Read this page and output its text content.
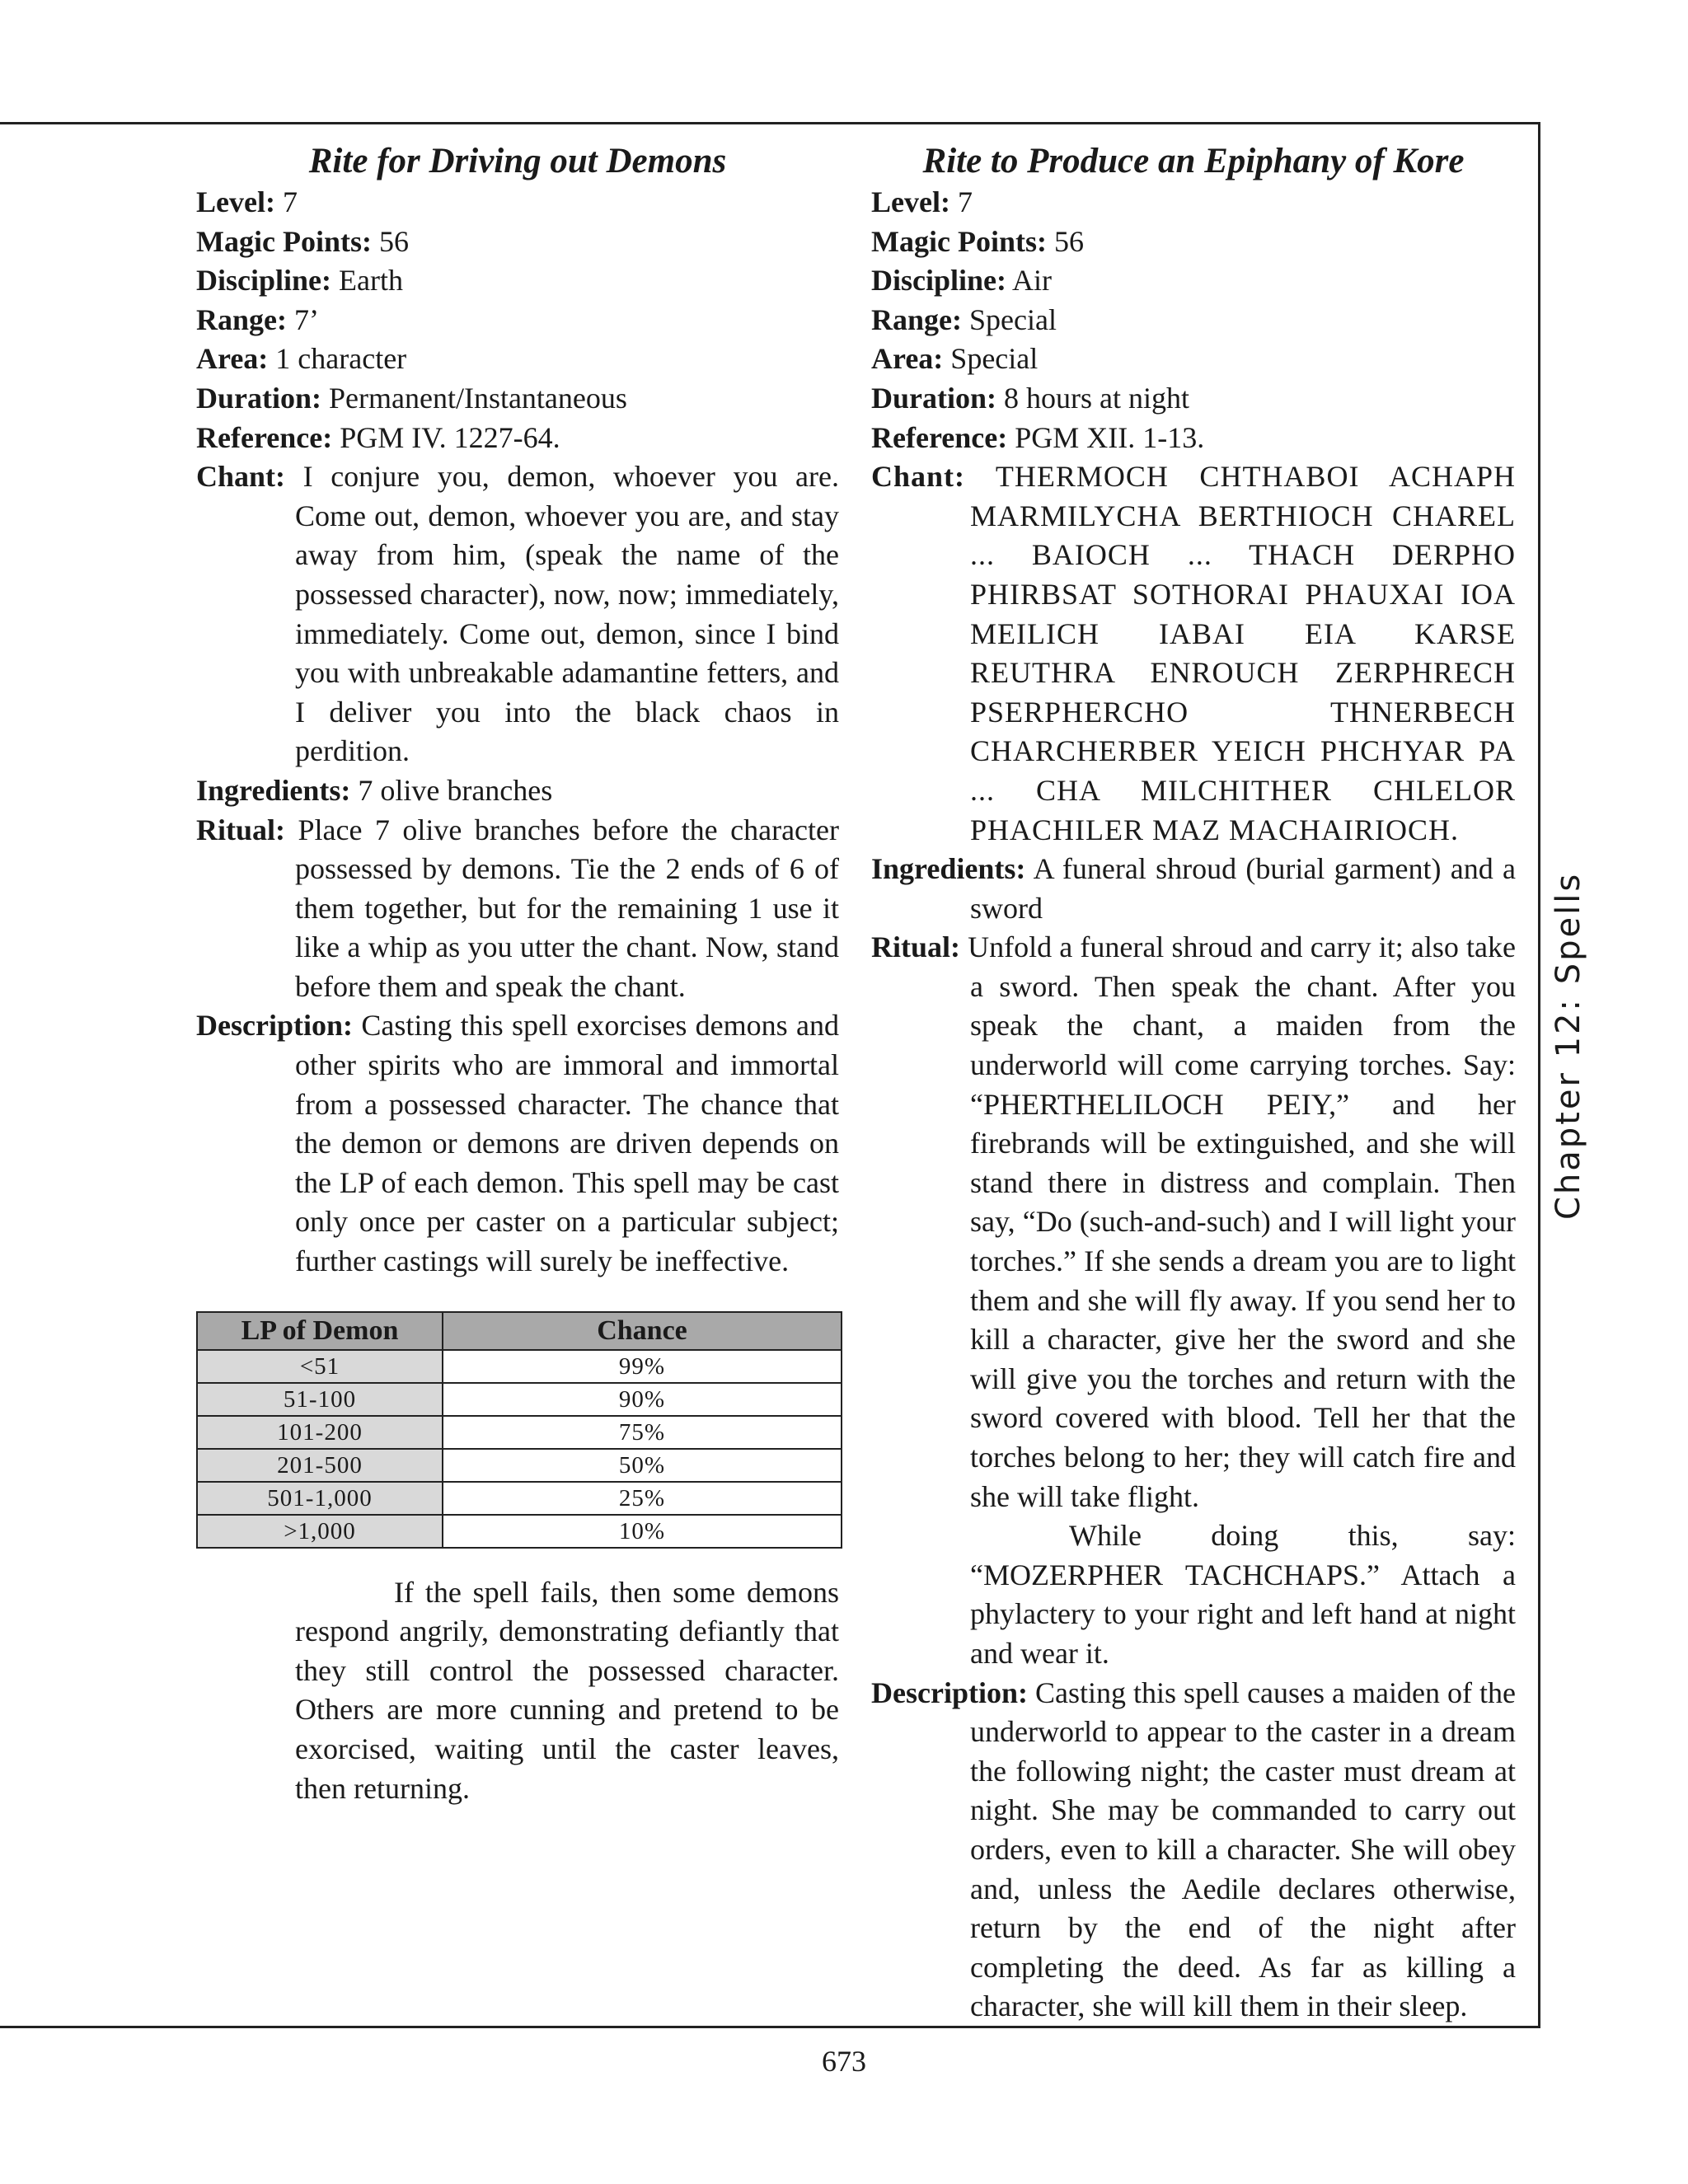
Rite for Driving out Demons
Level: 7
Magic Points: 56
Discipline: Earth
Range: 7’
Area: 1 character
Duration: Permanent/Instantaneous
Reference: PGM IV. 1227-64.
Chant: I conjure you, demon, whoever you are. Come out, demon, whoever you are, and stay away from him, (speak the name of the possessed character), now, now; immediately, immediately. Come out, demon, since I bind you with unbreakable adamantine fetters, and I deliver you into the black chaos in perdition.
Ingredients: 7 olive branches
Ritual: Place 7 olive branches before the character possessed by demons. Tie the 2 ends of 6 of them together, but for the remaining 1 use it like a whip as you utter the chant. Now, stand before them and speak the chant.
Description: Casting this spell exorcises demons and other spirits who are immoral and immortal from a possessed character. The chance that the demon or demons are driven depends on the LP of each demon. This spell may be cast only once per caster on a particular subject; further castings will surely be ineffective.
LP of Demon	Chance
<51	99%
51-100	90%
101-200	75%
201-500	50%
501-1,000	25%
>1,000	10%
If the spell fails, then some demons respond angrily, demonstrating defiantly that they still control the possessed character. Others are more cunning and pretend to be exorcised, waiting until the caster leaves, then returning.
Rite to Produce an Epiphany of Kore
Level: 7
Magic Points: 56
Discipline: Air
Range: Special
Area: Special
Duration: 8 hours at night
Reference: PGM XII. 1-13.
Chant: THERMOCH CHTHABOI ACHAPH MARMILYCHA BERTHIOCH CHAREL ... BAIOCH ... THACH DERPHO PHIRBSAT SOTHORAI PHAUXAI IOA MEILICH IABAI EIA KARSE REUTHRA ENROUCH ZERPHRECH PSERPHERCHO THNERBECH CHARCHERBER YEICH PHCHYAR PA ... CHA MILCHITHER CHLELOR PHACHILER MAZ MACHAIRIOCH.
Ingredients: A funeral shroud (burial garment) and a sword
Ritual: Unfold a funeral shroud and carry it; also take a sword. Then speak the chant. After you speak the chant, a maiden from the underworld will come carrying torches. Say: “PHERTHELILOCH PEIY,” and her firebrands will be extinguished, and she will stand there in distress and complain. Then say, “Do (such-and-such) and I will light your torches.” If she sends a dream you are to light them and she will fly away. If you send her to kill a character, give her the sword and she will give you the torches and return with the sword covered with blood. Tell her that the torches belong to her; they will catch fire and she will take flight.
While doing this, say: “MOZERPHER TACHCHAPS.” Attach a phylactery to your right and left hand at night and wear it.
Description: Casting this spell causes a maiden of the underworld to appear to the caster in a dream the following night; the caster must dream at night. She may be commanded to carry out orders, even to kill a character. She will obey and, unless the Aedile declares otherwise, return by the end of the night after completing the deed. As far as killing a character, she will kill them in their sleep.
Chapter 12: Spells
673
